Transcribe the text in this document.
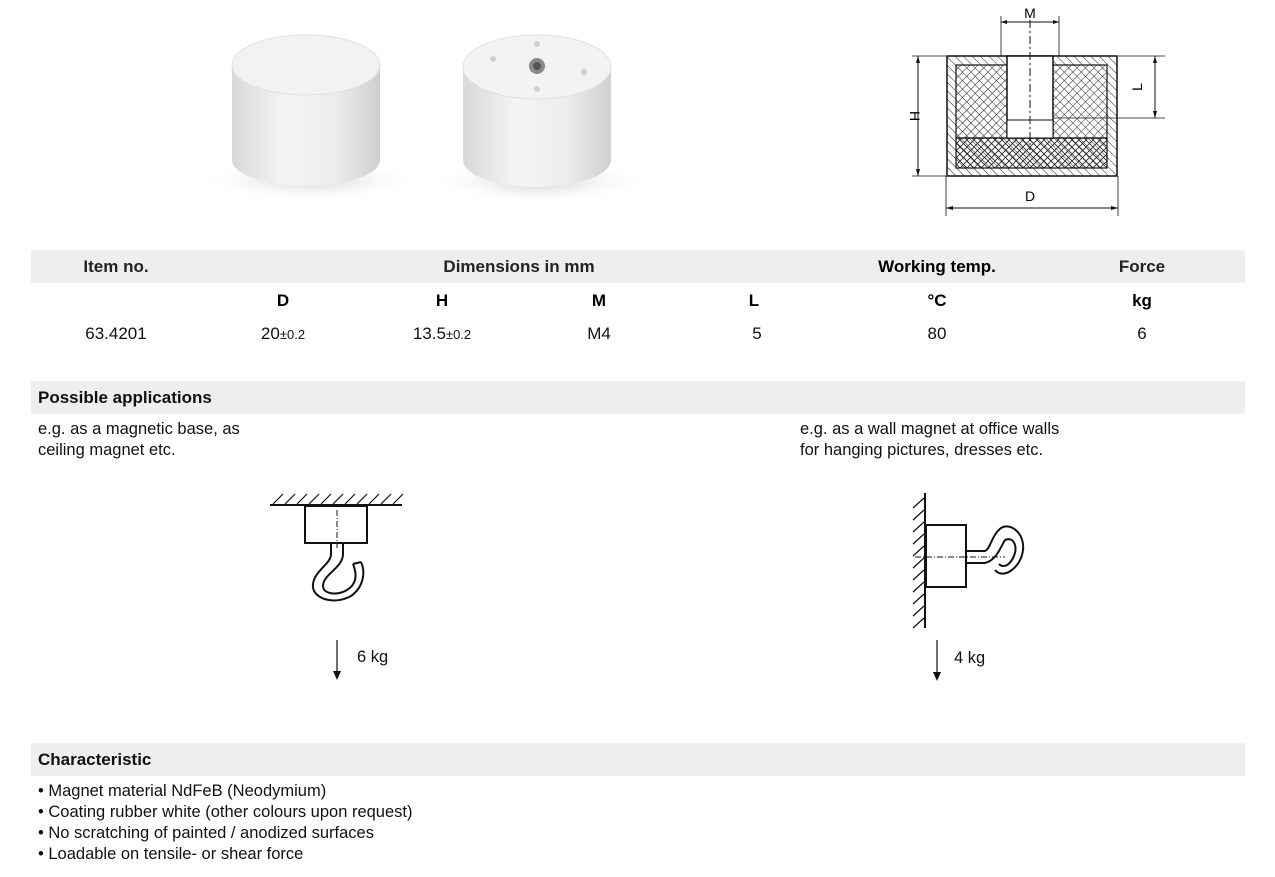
M
H
L
D
Item no.	Dimensions in mm	Working temp.	Force
D	H	M	L	°C	kg
63.4201	20±0.2	13.5±0.2	M4	5	80	6
Possible applications
e.g. as a magnetic base, as
ceiling magnet etc.
e.g. as a wall magnet at office walls
for hanging pictures, dresses etc.
6 kg	4 kg
Characteristic
• Magnet material NdFeB (Neodymium)
• Coating rubber white (other colours upon request)
• No scratching of painted / anodized surfaces
• Loadable on tensile- or shear force
